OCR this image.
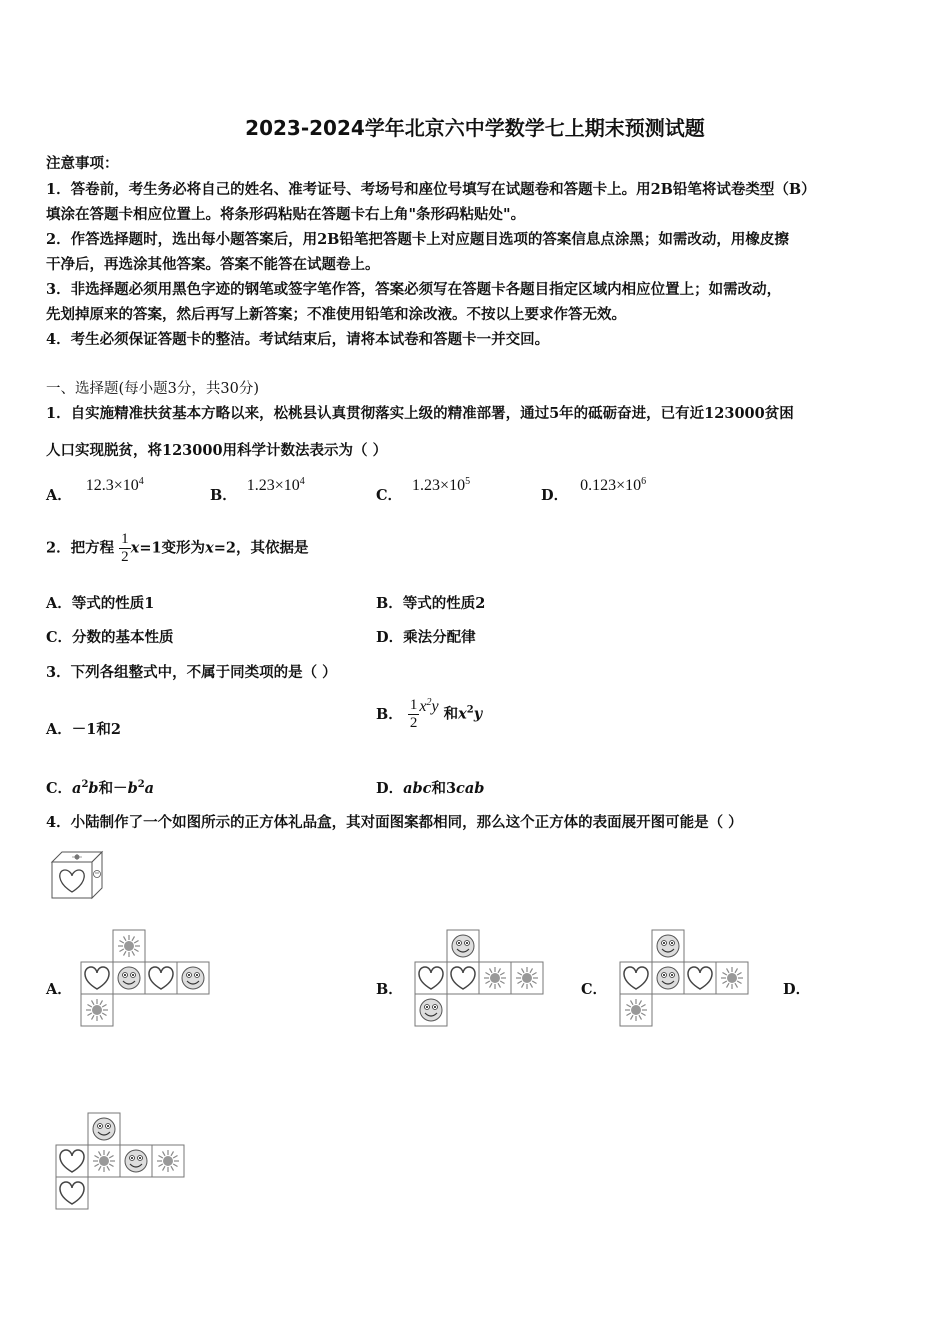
2023-2024学年北京六中学数学七上期末预测试题
注意事项：
1．答卷前，考生务必将自己的姓名、准考证号、考场号和座位号填写在试题卷和答题卡上。用2B铅笔将试卷类型（B）
填涂在答题卡相应位置上。将条形码粘贴在答题卡右上角"条形码粘贴处"。
2．作答选择题时，选出每小题答案后，用2B铅笔把答题卡上对应题目选项的答案信息点涂黑；如需改动，用橡皮擦
干净后，再选涂其他答案。答案不能答在试题卷上。
3．非选择题必须用黑色字迹的钢笔或签字笔作答，答案必须写在答题卡各题目指定区域内相应位置上；如需改动，
先划掉原来的答案，然后再写上新答案；不准使用铅笔和涂改液。不按以上要求作答无效。
4．考生必须保证答题卡的整洁。考试结束后，请将本试卷和答题卡一并交回。
一、选择题(每小题3分，共30分)
1．自实施精准扶贫基本方略以来，松桃县认真贯彻落实上级的精准部署，通过5年的砥砺奋进，已有近123000贫困
人口实现脱贫，将123000用科学计数法表示为（ ）
A．$12.3\times 10^4$
B．$1.23\times 10^4$
C．$1.23\times 10^5$
D．$0.123\times 10^6$
2．把方程 $\frac{1}{2} x=1$变形为x=2，其依据是
A．等式的性质1	B．等式的性质2
C．分数的基本性质	D．乘法分配律
3．下列各组整式中，不属于同类项的是（ ）
A．－1和2
B． $\frac{1}{2} x^2y$ 和$x^2y$
C．$a^2b$和$-b^2a$	D．abc和3cab
4．小陆制作了一个如图所示的正方体礼品盒，其对面图案都相同，那么这个正方体的表面展开图可能是（ ）
A．	B．	C．	D．
